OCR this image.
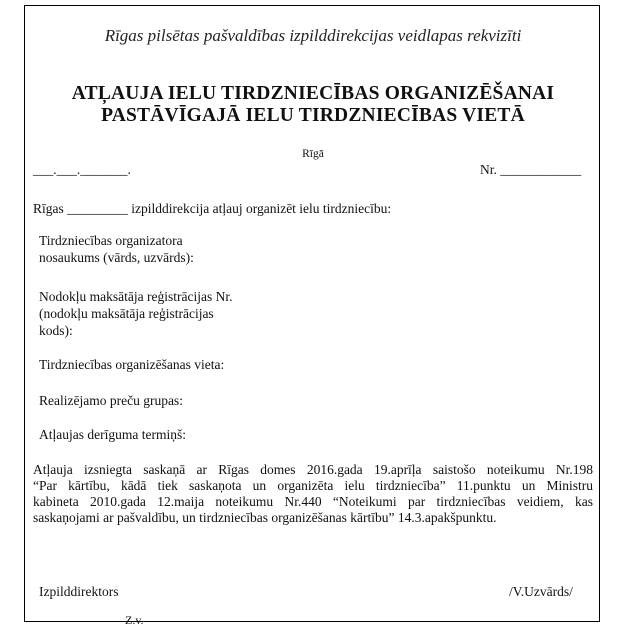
Rīgas pilsētas pašvaldības izpilddirekcijas veidlapas rekvizīti
ATĻAUJA IELU TIRDZNIECĪBAS ORGANIZĒŠANAI
PASTĀVĪGAJĀ IELU TIRDZNIECĪBAS VIETĀ
Rīgā
___.___._______.	Nr. ____________
Rīgas _________ izpilddirekcija atļauj organizēt ielu tirdzniecību:
Tirdzniecības organizatora
nosaukums (vārds, uzvārds):
Nodokļu maksātāja reģistrācijas Nr.
(nodokļu maksātāja reģistrācijas
kods):
Tirdzniecības organizēšanas vieta:
Realizējamo preču grupas:
Atļaujas derīguma termiņš:
Atļauja izsniegta saskaņā ar Rīgas domes 2016.gada 19.aprīļa saistošo noteikumu Nr.198
“Par kārtību, kādā tiek saskaņota un organizēta ielu tirdzniecība” 11.punktu un Ministru
kabineta 2010.gada 12.maija noteikumu Nr.440 “Noteikumi par tirdzniecības veidiem, kas
saskaņojami ar pašvaldību, un tirdzniecības organizēšanas kārtību” 14.3.apakšpunktu.
Izpilddirektors	/V.Uzvārds/
Z.v.
